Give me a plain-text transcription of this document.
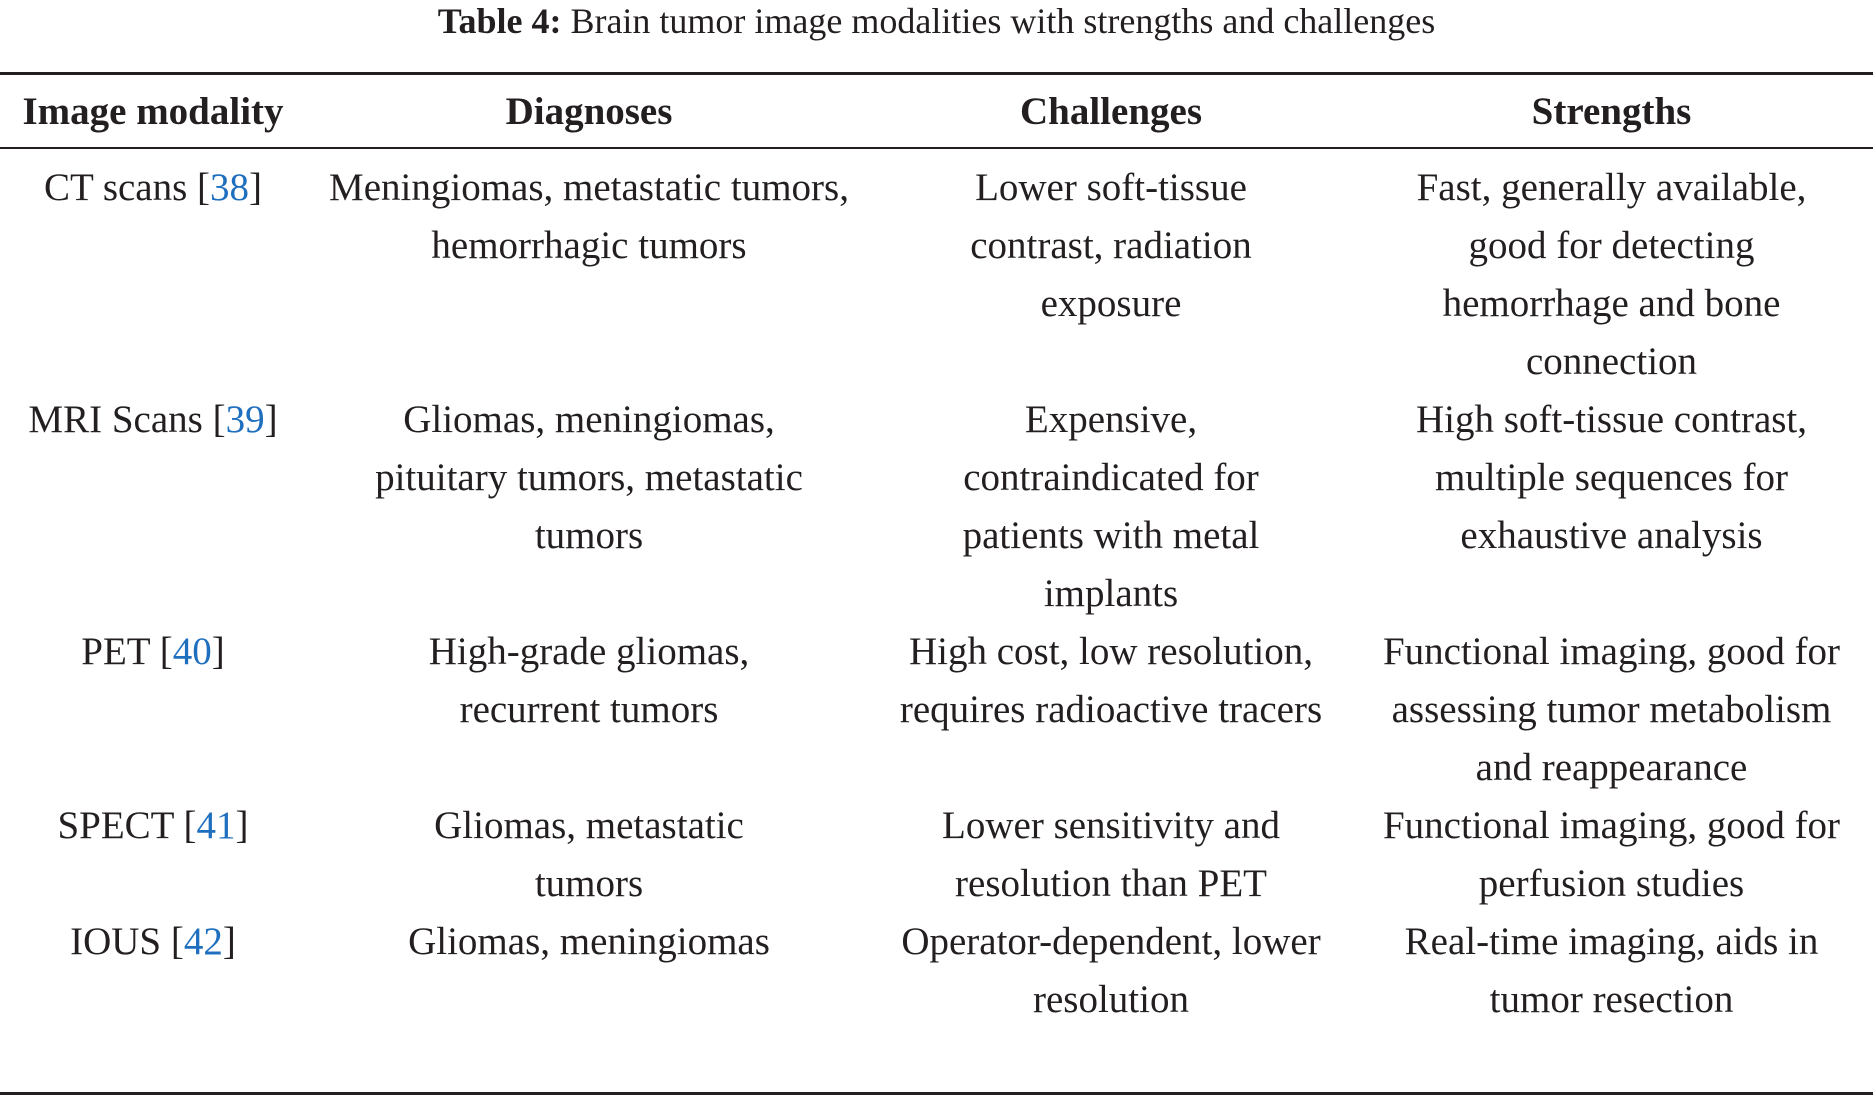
Table 4: Brain tumor image modalities with strengths and challenges
Image modality	Diagnoses	Challenges	Strengths
CT scans [38]	Meningiomas, metastatic tumors, hemorrhagic tumors	Lower soft-tissue contrast, radiation exposure	Fast, generally available, good for detecting hemorrhage and bone connection

MRI Scans [39]	Gliomas, meningiomas, pituitary tumors, metastatic tumors	Expensive, contraindicated for patients with metal implants	High soft-tissue contrast, multiple sequences for exhaustive analysis

PET [40]	High-grade gliomas, recurrent tumors	High cost, low resolution, requires radioactive tracers	Functional imaging, good for assessing tumor metabolism and reappearance

SPECT [41]	Gliomas, metastatic tumors	Lower sensitivity and resolution than PET	Functional imaging, good for perfusion studies

IOUS [42]	Gliomas, meningiomas	Operator-dependent, lower resolution	Real-time imaging, aids in tumor resection
